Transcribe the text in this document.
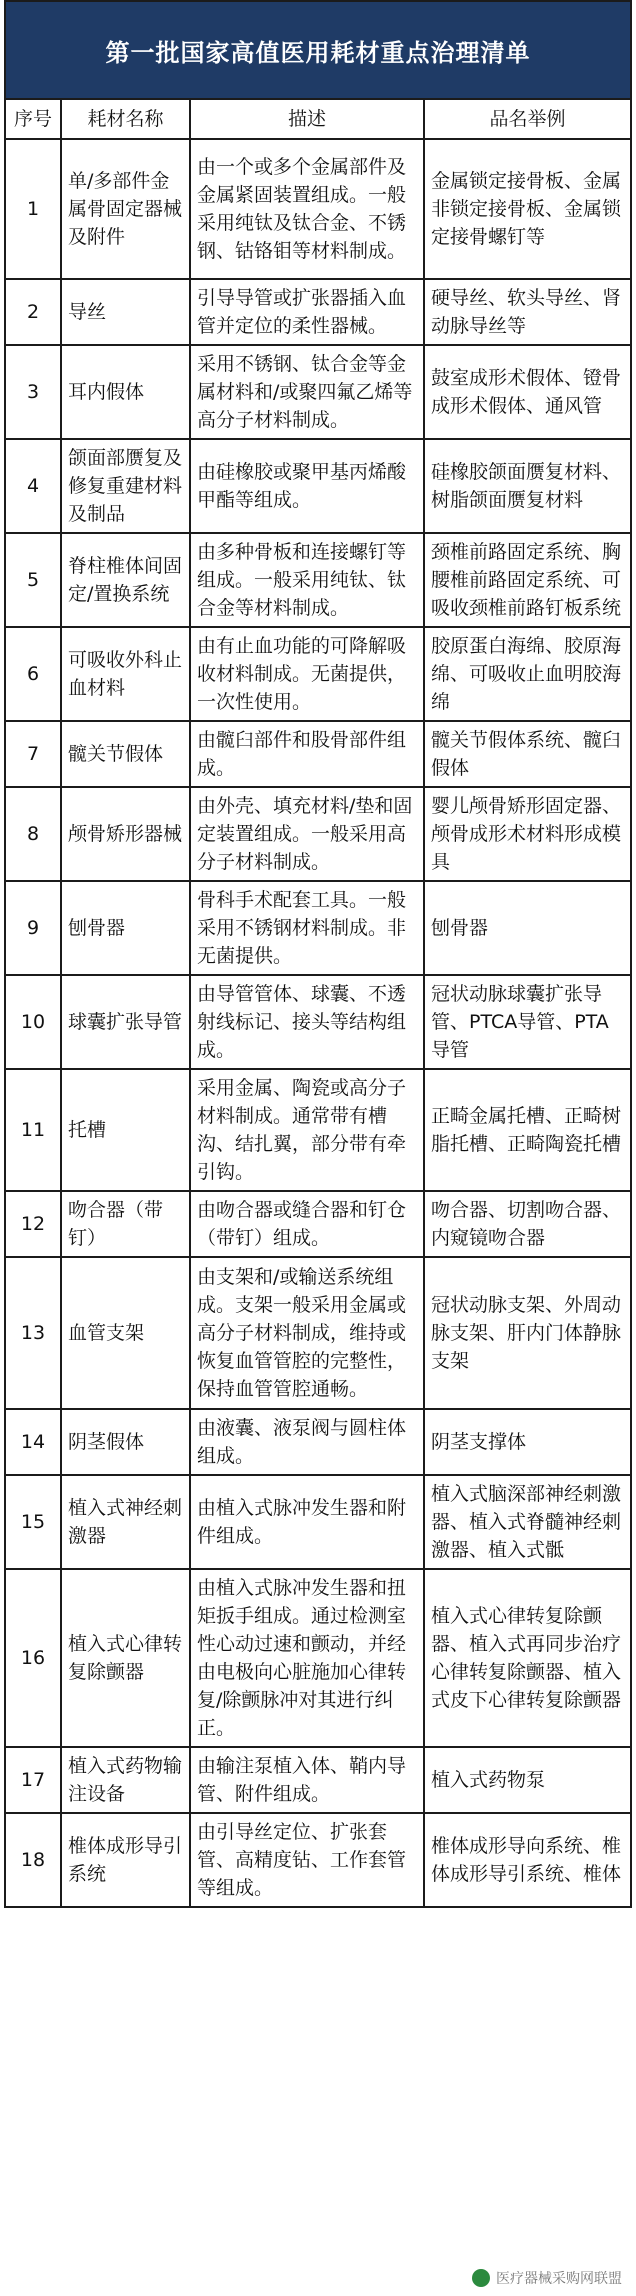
第一批国家高值医用耗材重点治理清单
序号	耗材名称	描述	品名举例
1	单/多部件金属骨固定器械及附件	由一个或多个金属部件及金属紧固装置组成。一般采用纯钛及钛合金、不锈钢、钴铬钼等材料制成。	金属锁定接骨板、金属非锁定接骨板、金属锁定接骨螺钉等
2	导丝	引导导管或扩张器插入血管并定位的柔性器械。	硬导丝、软头导丝、肾动脉导丝等
3	耳内假体	采用不锈钢、钛合金等金属材料和/或聚四氟乙烯等高分子材料制成。	鼓室成形术假体、镫骨成形术假体、通风管
4	颌面部赝复及修复重建材料及制品	由硅橡胶或聚甲基丙烯酸甲酯等组成。	硅橡胶颌面赝复材料、树脂颌面赝复材料
5	脊柱椎体间固定/置换系统	由多种骨板和连接螺钉等组成。一般采用纯钛、钛合金等材料制成。	颈椎前路固定系统、胸腰椎前路固定系统、可吸收颈椎前路钉板系统
6	可吸收外科止血材料	由有止血功能的可降解吸收材料制成。无菌提供，一次性使用。	胶原蛋白海绵、胶原海绵、可吸收止血明胶海绵
7	髋关节假体	由髋臼部件和股骨部件组成。	髋关节假体系统、髋臼假体
8	颅骨矫形器械	由外壳、填充材料/垫和固定装置组成。一般采用高分子材料制成。	婴儿颅骨矫形固定器、颅骨成形术材料形成模具
9	刨骨器	骨科手术配套工具。一般采用不锈钢材料制成。非无菌提供。	刨骨器
10	球囊扩张导管	由导管管体、球囊、不透射线标记、接头等结构组成。	冠状动脉球囊扩张导管、PTCA导管、PTA导管
11	托槽	采用金属、陶瓷或高分子材料制成。通常带有槽沟、结扎翼，部分带有牵引钩。	正畸金属托槽、正畸树脂托槽、正畸陶瓷托槽
12	吻合器（带钉）	由吻合器或缝合器和钉仓（带钉）组成。	吻合器、切割吻合器、内窥镜吻合器
13	血管支架	由支架和/或输送系统组成。支架一般采用金属或高分子材料制成，维持或恢复血管管腔的完整性，保持血管管腔通畅。	冠状动脉支架、外周动脉支架、肝内门体静脉支架
14	阴茎假体	由液囊、液泵阀与圆柱体组成。	阴茎支撑体
15	植入式神经刺激器	由植入式脉冲发生器和附件组成。	植入式脑深部神经刺激器、植入式脊髓神经刺激器、植入式骶
16	植入式心律转复除颤器	由植入式脉冲发生器和扭矩扳手组成。通过检测室性心动过速和颤动，并经由电极向心脏施加心律转复/除颤脉冲对其进行纠正。	植入式心律转复除颤器、植入式再同步治疗心律转复除颤器、植入式皮下心律转复除颤器
17	植入式药物输注设备	由输注泵植入体、鞘内导管、附件组成。	植入式药物泵
18	椎体成形导引系统	由引导丝定位、扩张套管、高精度钻、工作套管等组成。	椎体成形导向系统、椎体成形导引系统、椎体
医疗器械采购网联盟
